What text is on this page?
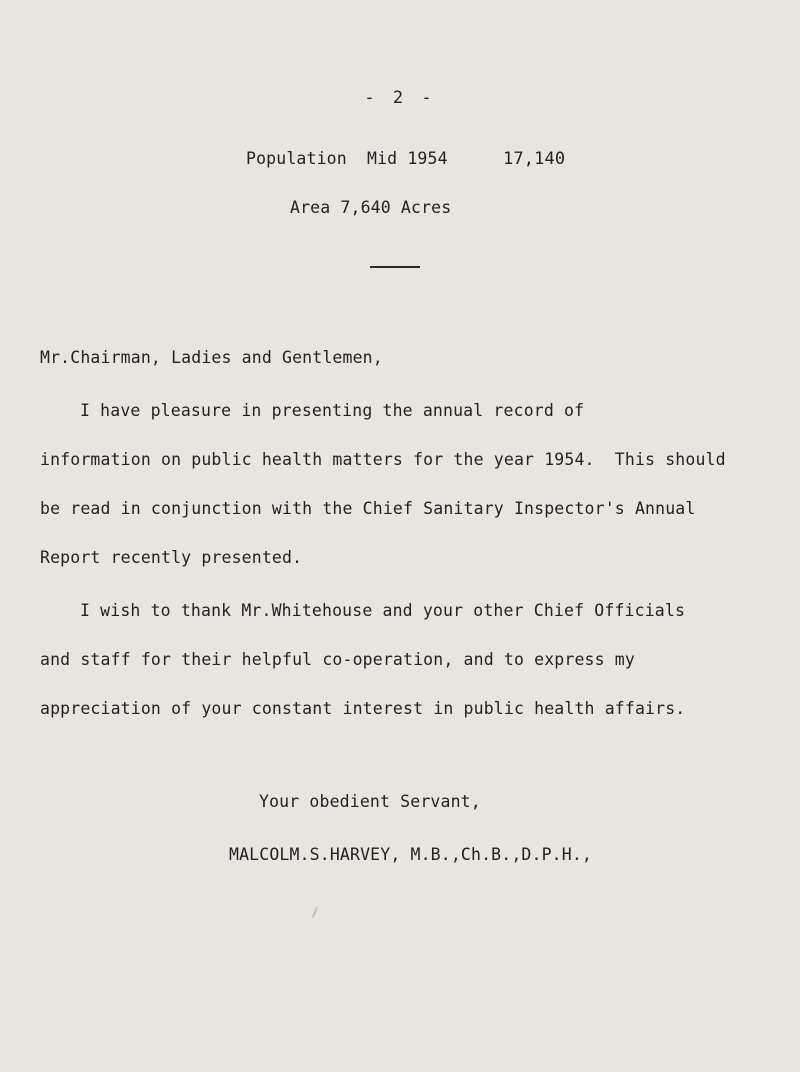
- 2 -
Population  Mid 1954	17,140
Area 7,640 Acres
Mr.Chairman, Ladies and Gentlemen,
I have pleasure in presenting the annual record of
information on public health matters for the year 1954.  This should
be read in conjunction with the Chief Sanitary Inspector's Annual
Report recently presented.
I wish to thank Mr.Whitehouse and your other Chief Officials
and staff for their helpful co-operation, and to express my
appreciation of your constant interest in public health affairs.
Your obedient Servant,
MALCOLM.S.HARVEY, M.B.,Ch.B.,D.P.H.,
